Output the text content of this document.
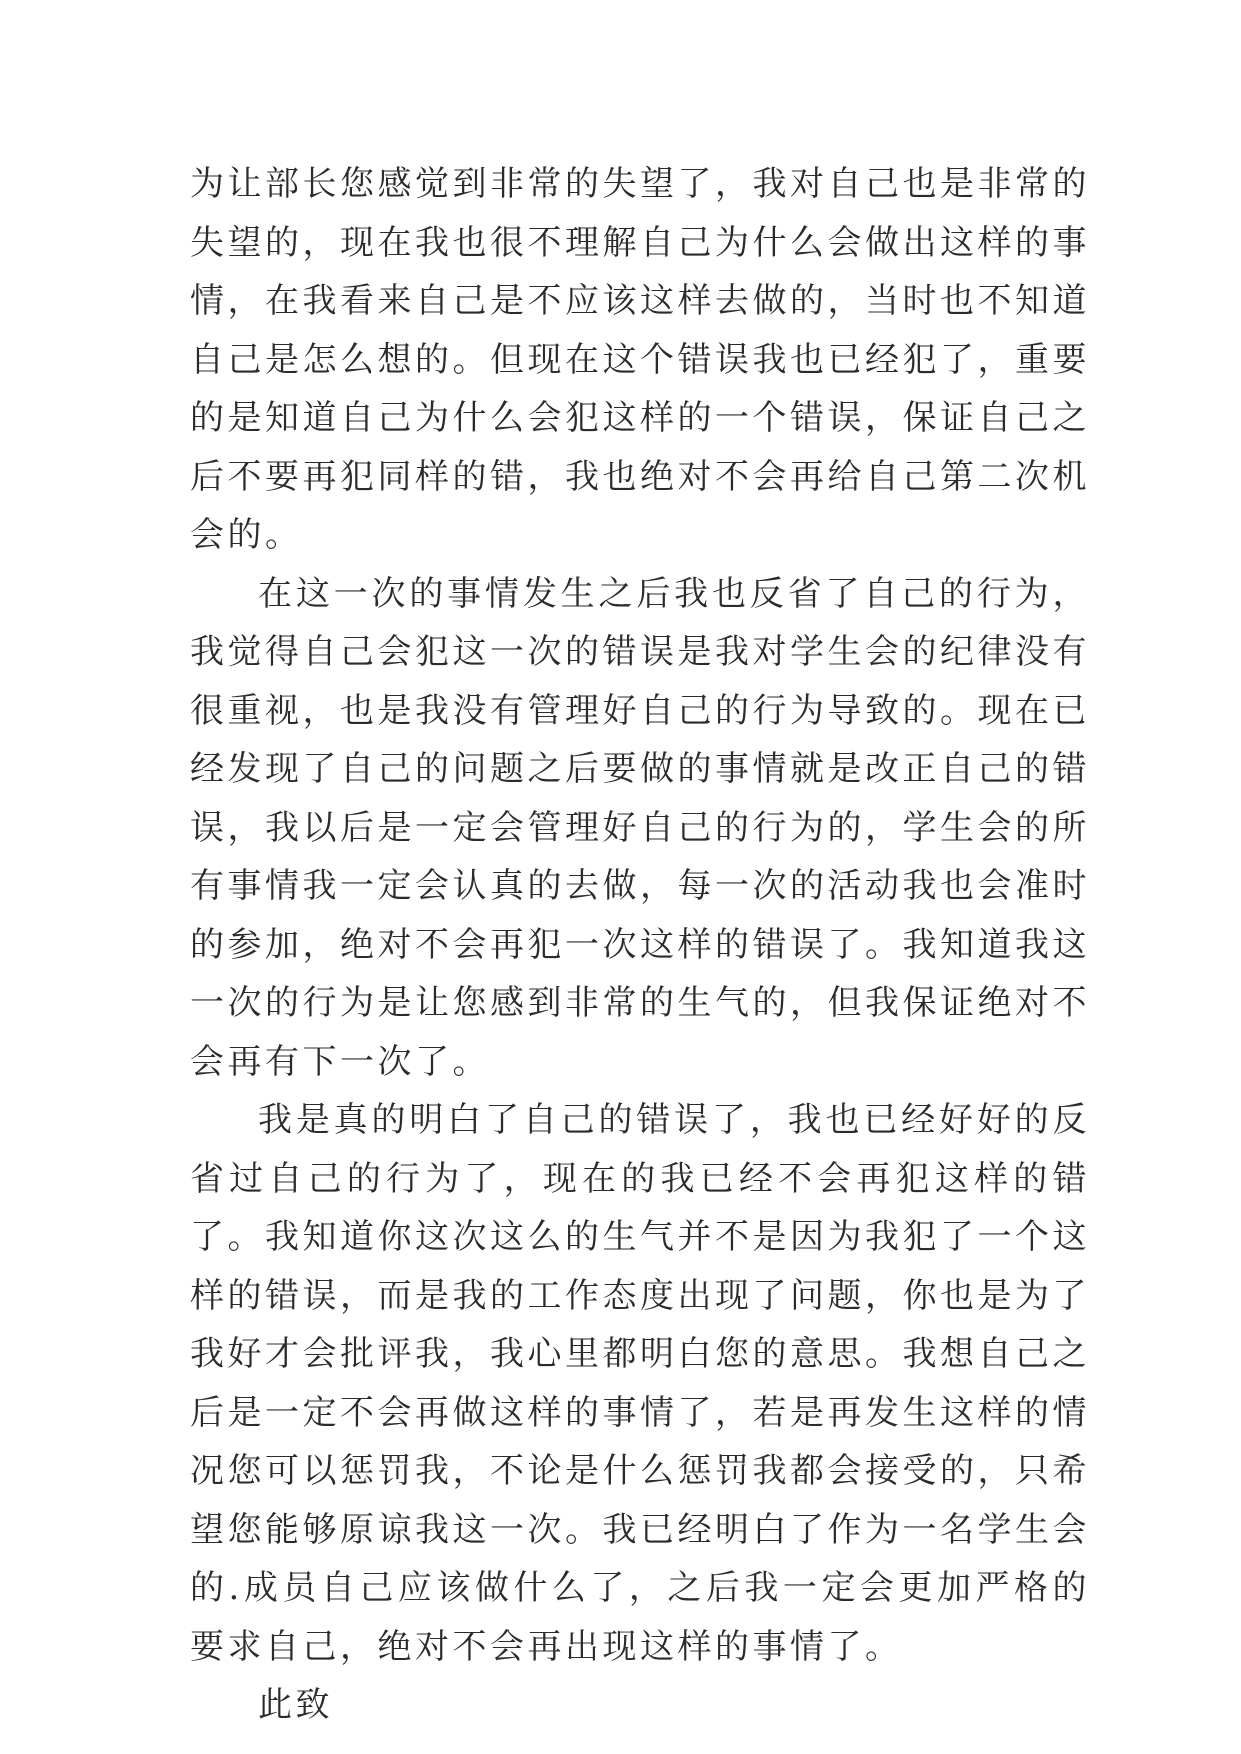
为让部长您感觉到非常的失望了，我对自己也是非常的失望的，现在我也很不理解自己为什么会做出这样的事情，在我看来自己是不应该这样去做的，当时也不知道自己是怎么想的。但现在这个错误我也已经犯了，重要的是知道自己为什么会犯这样的一个错误，保证自己之后不要再犯同样的错，我也绝对不会再给自己第二次机会的。

在这一次的事情发生之后我也反省了自己的行为，我觉得自己会犯这一次的错误是我对学生会的纪律没有很重视，也是我没有管理好自己的行为导致的。现在已经发现了自己的问题之后要做的事情就是改正自己的错误，我以后是一定会管理好自己的行为的，学生会的所有事情我一定会认真的去做，每一次的活动我也会准时的参加，绝对不会再犯一次这样的错误了。我知道我这一次的行为是让您感到非常的生气的，但我保证绝对不会再有下一次了。

我是真的明白了自己的错误了，我也已经好好的反省过自己的行为了，现在的我已经不会再犯这样的错了。我知道你这次这么的生气并不是因为我犯了一个这样的错误，而是我的工作态度出现了问题，你也是为了我好才会批评我，我心里都明白您的意思。我想自己之后是一定不会再做这样的事情了，若是再发生这样的情况您可以惩罚我，不论是什么惩罚我都会接受的，只希望您能够原谅我这一次。我已经明白了作为一名学生会的.成员自己应该做什么了，之后我一定会更加严格的要求自己，绝对不会再出现这样的事情了。

此致
